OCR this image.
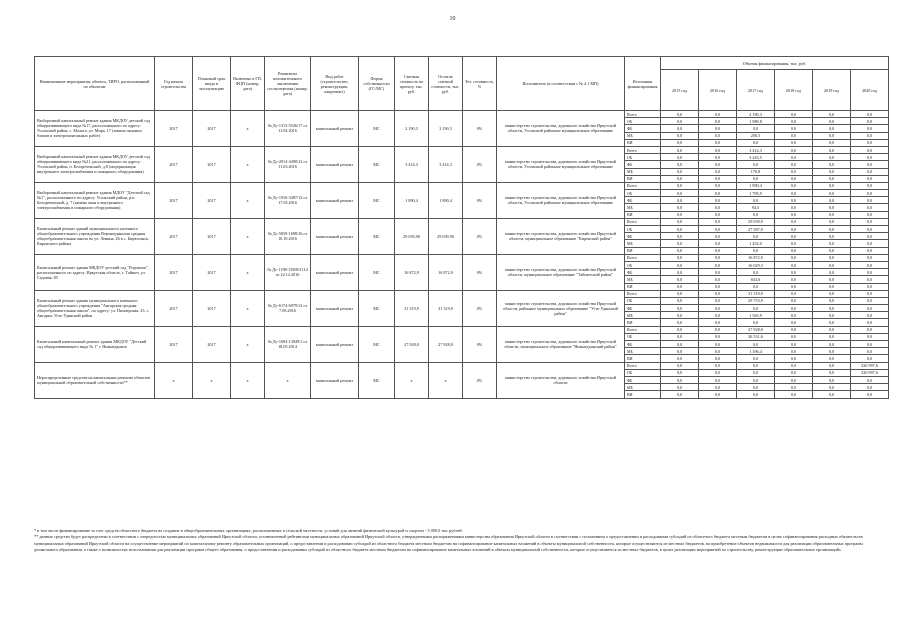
10
Наименование мероприятия, объекта, ТИРО, расположенный по объектам	Год начала строительства	Плановый срок ввода в эксплуатацию	Включено в ГП, ФЦП (номер, дата)	Реквизиты положительного заключения госэкспертизы (номер, дата)	Вид работ (строительство, реконструкция, капремонт)	Форма собственности (ГС/МС)	Сметная стоимость по проекту, тыс. руб.	Остаток сметной стоимости, тыс. руб.	Тех. готовность, %	Исполнитель (в соответствии с № 4.1 МП)	Источники финансирования	Объемы финансирования, тыс. руб.					
												2015 год	2016 год	2017 год	2018 год	2019 год	2020 год
Выборочный капитальный ремонт здания МКДОУ детский сад общеразвивающего вида №17, расположенного по адресу: Усольский район, с. Мальта, ул. Мира, 17 (замена оконных блоков и электромонтажных работ)	2017	2017	х	№ Дс-1313-5526/17 от 11.04.2016	капитальный ремонт	МС	2 190,3	2 190,3	0%	министерство строительства, дорожного хозяйства Иркутской области, Усольский районное муниципальное образование	Всего	0,0	0,0	2 190,3	0,0	0,0	0,0
											ОБ	0,0	0,0	1 989,8	0,0	0,0	0,0
											ФБ	0,0	0,0	0,0	0,0	0,0	0,0
											МБ	0,0	0,0	200,5	0,0	0,0	0,0
											ВИ	0,0	0,0	0,0	0,0	0,0	0,0
Выборочный капитальный ремонт здания МКДОУ детский сад общеразвивающего вида №21, расположенного по адресу: Усольский район, п. Белореченский, д.8 (модернизация внутреннего электроснабжения и пожарного оборудования)	2017	2017	х	№ Дс-2014-4490/12 от 11.03.2016	капитальный ремонт	МС	3 414,3	3 414,3	0%	министерство строительства, дорожного хозяйства Иркутской области, Усольский районное муниципальное образование	Всего	0,0	0,0	3 414,3	0,0	0,0	0,0
											ОБ	0,0	0,0	3 243,5	0,0	0,0	0,0
											ФБ	0,0	0,0	0,0	0,0	0,0	0,0
											МБ	0,0	0,0	170,8	0,0	0,0	0,0
											ВИ	0,0	0,0	0,0	0,0	0,0	0,0
Выборочный капитальный ремонт здания МДОУ "Детский сад №1", расположенного по адресу: Усольский район, р.п. Белореченский, д. 7 (замена окон и внутреннего электроснабжения и пожарного оборудования)	2017	2017	х	№ Дс-1916-3497/12 от 17.03.2016	капитальный ремонт	МС	1 890,4	1 890,4	0%	министерство строительства, дорожного хозяйства Иркутской области, Усольский районное муниципальное образование	Всего	0,0	0,0	1 890,4	0,0	0,0	0,0
											ОБ	0,0	0,0	1 795,9	0,0	0,0	0,0
											ФБ	0,0	0,0	0,0	0,0	0,0	0,0
											МБ	0,0	0,0	94,5	0,0	0,0	0,0
											ВИ	0,0	0,0	0,0	0,0	0,0	0,0
Капитальный ремонт зданий муниципального казенного общеобразовательного учреждения Верхнеудинская средняя общеобразовательная школа по ул. Ленина, 26 в с. Бирюсинск, Киренского района	2017	2017	х	№ Дс-5059-1698/16 от 10.10.2016	капитальный ремонт	МС	29 039,90	29 039,90	0%	министерство строительства, дорожного хозяйства Иркутской области, муниципальное образование "Киренский район"	Всего	0,0	0,0	29 039,9	0,0	0,0	0,0
											ОБ	0,0	0,0	27 587,9	0,0	0,0	0,0
											ФБ	0,0	0,0	0,0	0,0	0,0	0,0
											МБ	0,0	0,0	1 452,0	0,0	0,0	0,0
											ВИ	0,0	0,0	0,0	0,0	0,0	0,0
Капитальный ремонт здания МКДОУ детский сад "Родничок", расположенного по адресу: Иркутская область, г. Тайшет, ул. Садовая, 85	2017	2017	х	№ Дс-1198-13909/1114 от 22.12.2016	капитальный ремонт	МС	16 872,9	16 872,9	0%	министерство строительства, дорожного хозяйства Иркутской области, муниципальное образование "Тайшетский район"	Всего	0,0	0,0	16 872,9	0,0	0,0	0,0
											ОБ	0,0	0,0	16 029,3	0,0	0,0	0,0
											ФБ	0,0	0,0	0,0	0,0	0,0	0,0
											МБ	0,0	0,0	843,6	0,0	0,0	0,0
											ВИ	0,0	0,0	0,0	0,0	0,0	0,0
Капитальный ремонт здания муниципального казенного общеобразовательного учреждения "Ангарская средняя общеобразовательная школа", по адресу: ул. Пионерская, 23, с. Ангарка, Усть-Удинский район	2017	2017	х	№ Дс-6174-6979/12 от 7.06.2016	капитальный ремонт	МС	31 319,9	31 319,9	0%	министерство строительства, дорожного хозяйства Иркутской области, районное муниципальное образование "Усть-Удинский район"	Всего	0,0	0,0	31 319,9	0,0	0,0	0,0
											ОБ	0,0	0,0	29 753,9	0,0	0,0	0,0
											ФБ	0,0	0,0	0,0	0,0	0,0	0,0
											МБ	0,0	0,0	1 565,9	0,0	0,0	0,0
											ВИ	0,0	0,0	0,0	0,0	0,0	0,0
Капитальный капитальный ремонт здания МКДОУ "Детский сад общеразвивающего вида № 1" г. Нижнеудинск	2017	2017	х	№ Дс-1094-13949/1 от 18.05.2014	капитальный ремонт	МС	27 928,0	27 928,0	0%	министерство строительства, дорожного хозяйства Иркутской области, муниципальное образование "Нижнеудинский район"	Всего	0,0	0,0	27 928,0	0,0	0,0	0,0
											ОБ	0,0	0,0	26 531,6	0,0	0,0	0,0
											ФБ	0,0	0,0	0,0	0,0	0,0	0,0
											МБ	0,0	0,0	1 396,4	0,0	0,0	0,0
											ВИ	0,0	0,0	0,0	0,0	0,0	0,0
Нераспределенные средства на капитальные ремонты объектов муниципальной образовательной собственности**	х	х	х	х	капитальный ремонт	МС	х	х	0%	министерство строительства, дорожного хозяйства Иркутской области	Всего	0,0	0,0	0,0	0,0	0,0	320 997,6
											ОБ	0,0	0,0	0,0	0,0	0,0	320 997,6
											ФБ	0,0	0,0	0,0	0,0	0,0	0,0
											МБ	0,0	0,0	0,0	0,0	0,0	0,0
											ВИ	0,0	0,0	0,0	0,0	0,0	0,0

* в том числе финансирование за счет средств областного бюджета на создание в общеобразовательных организациях, расположенных в сельской местности, условий для занятий физической культурой и спортом - 3 000,0 тыс.рублей

** данные средства будут распределены в соответствии с очередностью муниципальных образований Иркутской области, установленной рейтингами муниципальных образований Иркутской области, утвержденными распоряжениями министерства образования Иркутской области в соответствии с положением о предоставлении и расходовании субсидий из областного бюджета местным бюджетам в целях софинансирования расходных обязательств муниципальных образований Иркутской области на осуществление мероприятий по капитальному ремонту образовательных организаций, о предоставлении и расходовании субсидий из областного бюджета местным бюджетам на софинансирование капитальных вложений в объекты муниципальной собственности, которые осуществляются из местных бюджетов, на приобретение объектов недвижимости для реализации образовательных программ дошкольного образования, а также о возможностях использования для реализации программ общего образования, о предоставлении и расходовании субсидий из областного бюджета местным бюджетам на софинансирование капитальных вложений в объекты муниципальной собственности, которые осуществляются из местных бюджетов, в целях реализации мероприятий по строительству, реконструкции образовательных организаций».
